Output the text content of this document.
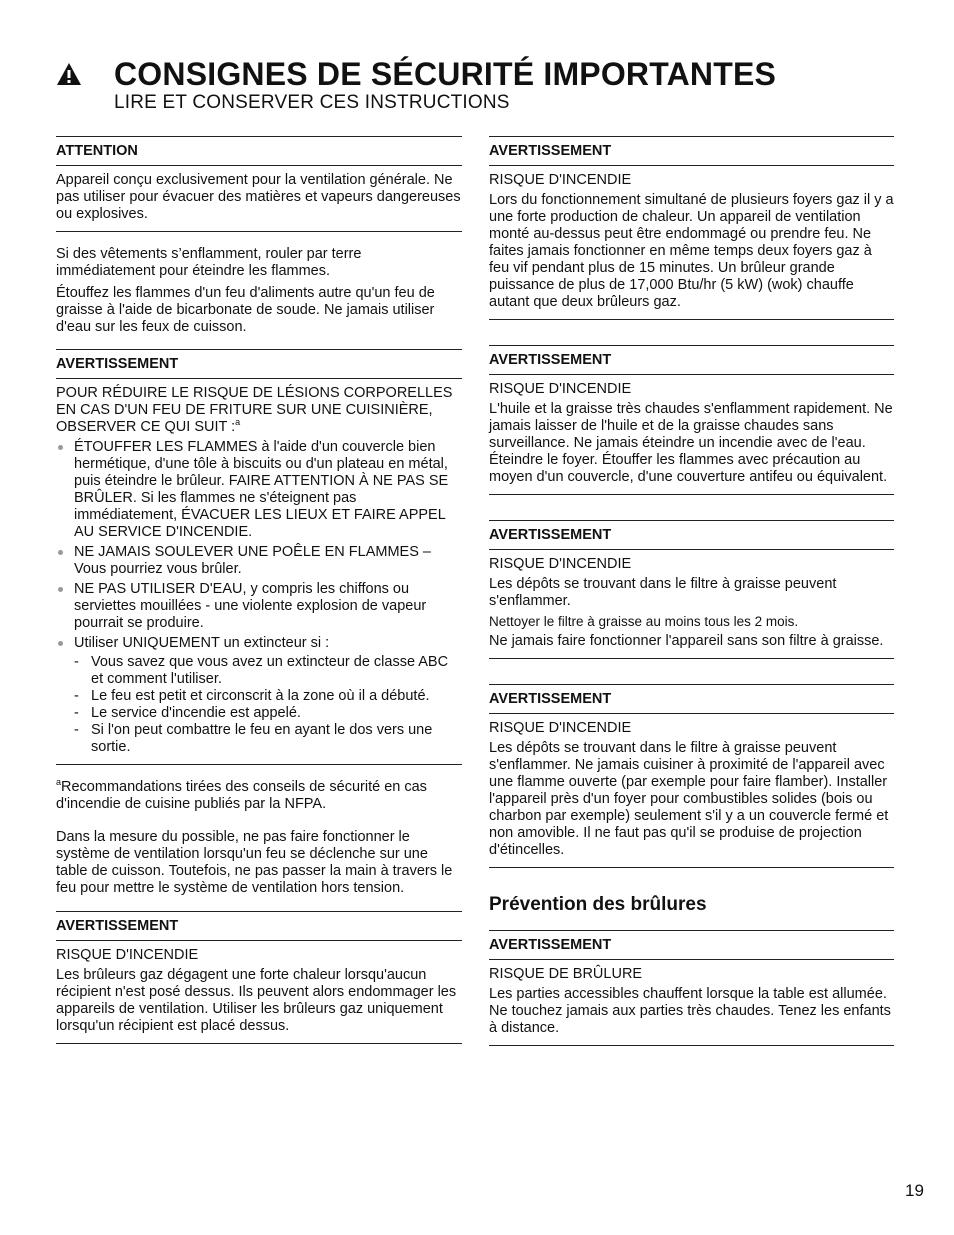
CONSIGNES DE SÉCURITÉ IMPORTANTES
LIRE ET CONSERVER CES INSTRUCTIONS
ATTENTION

Appareil conçu exclusivement pour la ventilation générale. Ne pas utiliser pour évacuer des matières et vapeurs dangereuses ou explosives.

Si des vêtements s’enflamment, rouler par terre immédiatement pour éteindre les flammes.

Étouffez les flammes d'un feu d'aliments autre qu'un feu de graisse à l'aide de bicarbonate de soude. Ne jamais utiliser d'eau sur les feux de cuisson.

AVERTISSEMENT

POUR RÉDUIRE LE RISQUE DE LÉSIONS CORPORELLES EN CAS D'UN FEU DE FRITURE SUR UNE CUISINIÈRE, OBSERVER CE QUI SUIT :$^a$

ÉTOUFFER LES FLAMMES à l'aide d'un couvercle bien hermétique, d'une tôle à biscuits ou d'un plateau en métal, puis éteindre le brûleur. FAIRE ATTENTION À NE PAS SE BRÛLER. Si les flammes ne s'éteignent pas immédiatement, ÉVACUER LES LIEUX ET FAIRE APPEL AU SERVICE D'INCENDIE.
NE JAMAIS SOULEVER UNE POÊLE EN FLAMMES – Vous pourriez vous brûler.
NE PAS UTILISER D'EAU, y compris les chiffons ou serviettes mouillées - une violente explosion de vapeur pourrait se produire.
Utiliser UNIQUEMENT un extincteur si :
- Vous savez que vous avez un extincteur de classe ABC et comment l'utiliser.
- Le feu est petit et circonscrit à la zone où il a débuté.
- Le service d'incendie est appelé.
- Si l'on peut combattre le feu en ayant le dos vers une sortie.

$^a$Recommandations tirées des conseils de sécurité en cas d'incendie de cuisine publiés par la NFPA.

Dans la mesure du possible, ne pas faire fonctionner le système de ventilation lorsqu'un feu se déclenche sur une table de cuisson. Toutefois, ne pas passer la main à travers le feu pour mettre le système de ventilation hors tension.

AVERTISSEMENT

RISQUE D'INCENDIE

Les brûleurs gaz dégagent une forte chaleur lorsqu'aucun récipient n'est posé dessus. Ils peuvent alors endommager les appareils de ventilation. Utiliser les brûleurs gaz uniquement lorsqu'un récipient est placé dessus.

AVERTISSEMENT

RISQUE D'INCENDIE

Lors du fonctionnement simultané de plusieurs foyers gaz il y a une forte production de chaleur. Un appareil de ventilation monté au-dessus peut être endommagé ou prendre feu. Ne faites jamais fonctionner en même temps deux foyers gaz à feu vif pendant plus de 15 minutes. Un brûleur grande puissance de plus de 17,000 Btu/hr (5 kW) (wok) chauffe autant que deux brûleurs gaz.

AVERTISSEMENT

RISQUE D'INCENDIE

L'huile et la graisse très chaudes s'enflamment rapidement. Ne jamais laisser de l'huile et de la graisse chaudes sans surveillance. Ne jamais éteindre un incendie avec de l'eau. Éteindre le foyer. Étouffer les flammes avec précaution au moyen d'un couvercle, d'une couverture antifeu ou équivalent.

AVERTISSEMENT

RISQUE D'INCENDIE

Les dépôts se trouvant dans le filtre à graisse peuvent s'enflammer.

Nettoyer le filtre à graisse au moins tous les 2 mois.

Ne jamais faire fonctionner l'appareil sans son filtre à graisse.

AVERTISSEMENT

RISQUE D'INCENDIE

Les dépôts se trouvant dans le filtre à graisse peuvent s'enflammer. Ne jamais cuisiner à proximité de l'appareil avec une flamme ouverte (par exemple pour faire flamber). Installer l'appareil près d'un foyer pour combustibles solides (bois ou charbon par exemple) seulement s'il y a un couvercle fermé et non amovible. Il ne faut pas qu'il se produise de projection d'étincelles.

Prévention des brûlures
AVERTISSEMENT

RISQUE DE BRÛLURE

Les parties accessibles chauffent lorsque la table est allumée. Ne touchez jamais aux parties très chaudes. Tenez les enfants à distance.

19
